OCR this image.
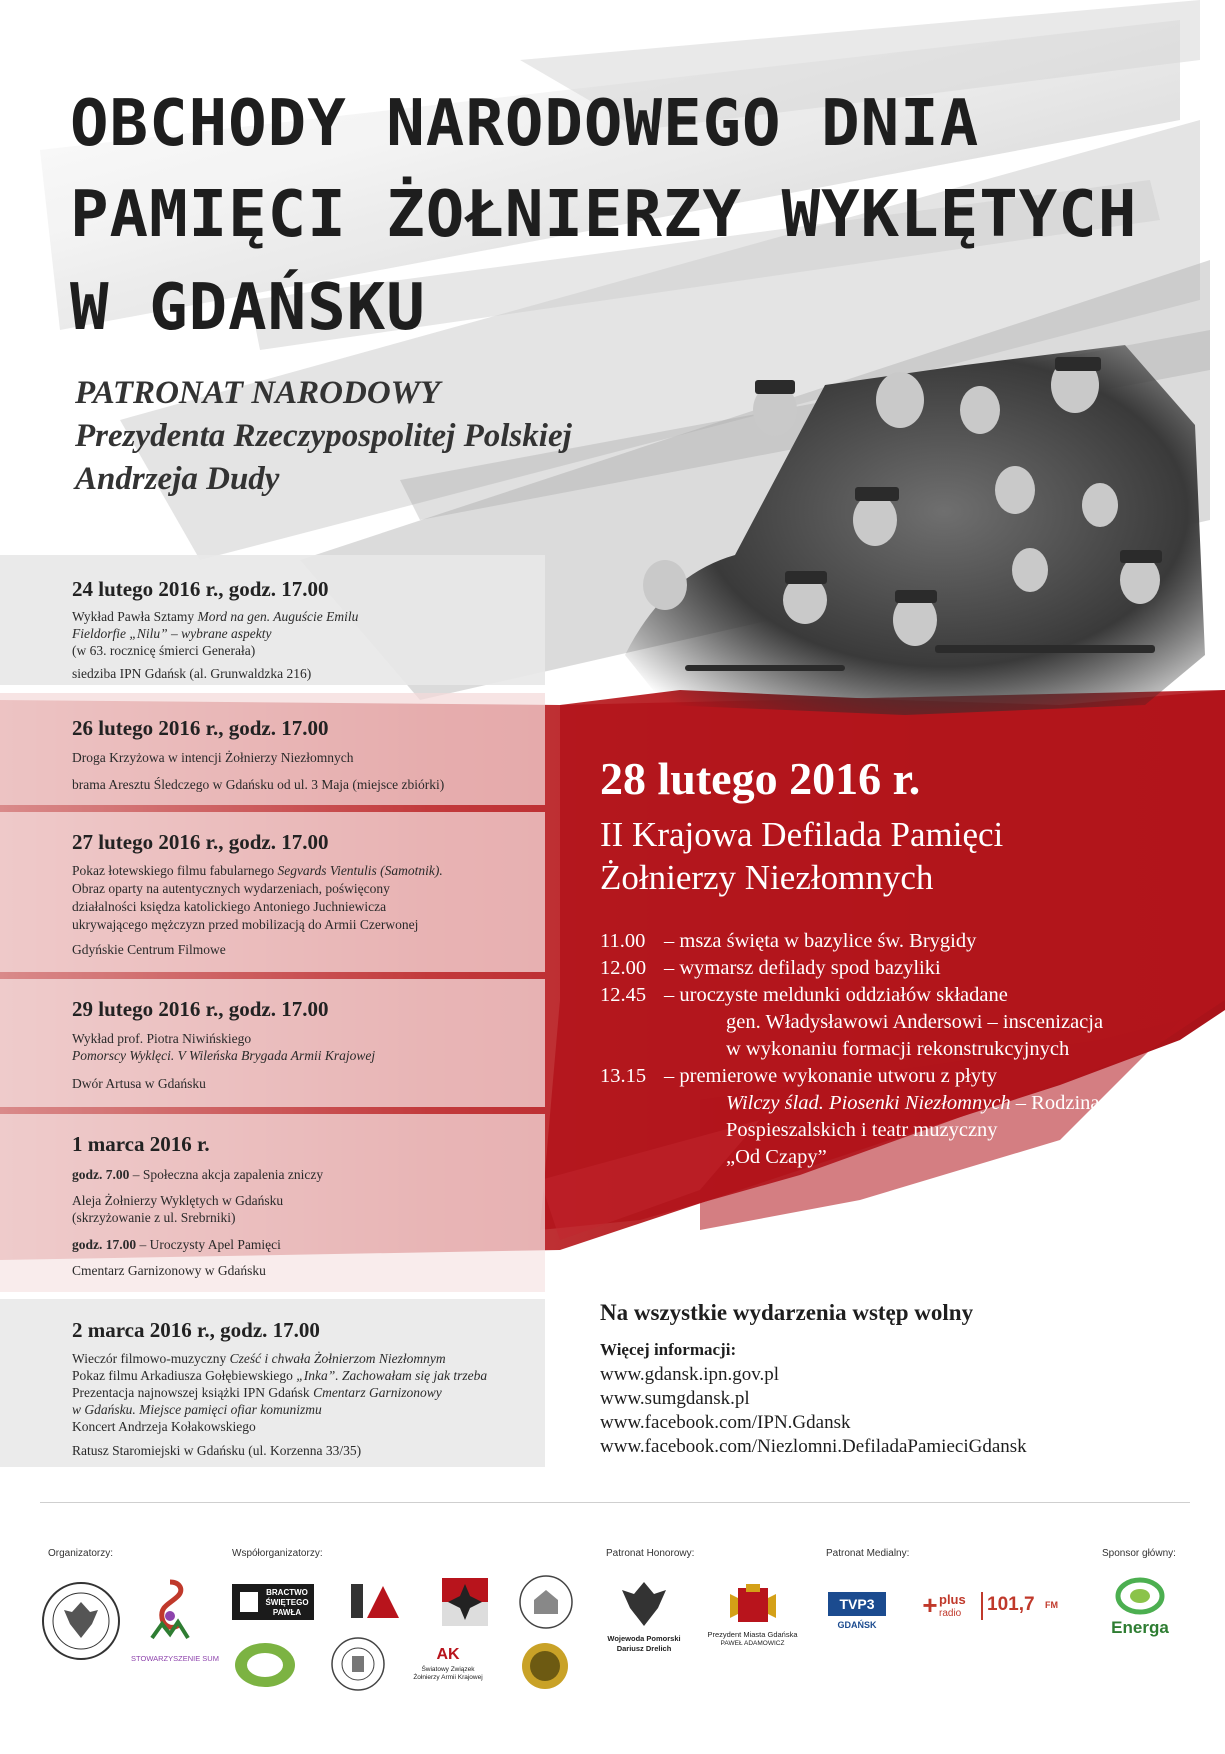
OBCHODY NARODOWEGO DNIA
PAMIĘCI ŻOŁNIERZY WYKLĘTYCH
W GDAŃSKU
PATRONAT NARODOWY
Prezydenta Rzeczypospolitej Polskiej
Andrzeja Dudy
24 lutego 2016 r., godz. 17.00
Wykład Pawła Sztamy Mord na gen. Auguście Emilu
Fieldorfie „Nilu” – wybrane aspekty
(w 63. rocznicę śmierci Generała)
siedziba IPN Gdańsk (al. Grunwaldzka 216)
26 lutego 2016 r., godz. 17.00
Droga Krzyżowa w intencji Żołnierzy Niezłomnych
brama Aresztu Śledczego w Gdańsku od ul. 3 Maja (miejsce zbiórki)
27 lutego 2016 r., godz. 17.00
Pokaz łotewskiego filmu fabularnego Segvards Vientulis (Samotnik).
Obraz oparty na autentycznych wydarzeniach, poświęcony
działalności księdza katolickiego Antoniego Juchniewicza
ukrywającego mężczyzn przed mobilizacją do Armii Czerwonej
Gdyńskie Centrum Filmowe
29 lutego 2016 r., godz. 17.00
Wykład prof. Piotra Niwińskiego
Pomorscy Wyklęci. V Wileńska Brygada Armii Krajowej
Dwór Artusa w Gdańsku
1 marca 2016 r.
godz. 7.00 – Społeczna akcja zapalenia zniczy
Aleja Żołnierzy Wyklętych w Gdańsku
(skrzyżowanie z ul. Srebrniki)
godz. 17.00 – Uroczysty Apel Pamięci
Cmentarz Garnizonowy w Gdańsku
2 marca 2016 r., godz. 17.00
Wieczór filmowo-muzyczny Cześć i chwała Żołnierzom Niezłomnym
Pokaz filmu Arkadiusza Gołębiewskiego „Inka”. Zachowałam się jak trzeba
Prezentacja najnowszej książki IPN Gdańsk Cmentarz Garnizonowy
w Gdańsku. Miejsce pamięci ofiar komunizmu
Koncert Andrzeja Kołakowskiego
Ratusz Staromiejski w Gdańsku (ul. Korzenna 33/35)
28 lutego 2016 r.
II Krajowa Defilada Pamięci
Żołnierzy Niezłomnych
11.00 – msza święta w bazylice św. Brygidy
12.00 – wymarsz defilady spod bazyliki
12.45 – uroczyste meldunki oddziałów składane
gen. Władysławowi Andersowi – inscenizacja
w wykonaniu formacji rekonstrukcyjnych
13.15 – premierowe wykonanie utworu z płyty
Wilczy ślad. Piosenki Niezłomnych – Rodzina
Pospieszalskich i teatr muzyczny
„Od Czapy”
Na wszystkie wydarzenia wstęp wolny
Więcej informacji:
www.gdansk.ipn.gov.pl
www.sumgdansk.pl
www.facebook.com/IPN.Gdansk
www.facebook.com/Niezlomni.DefiladaPamieciGdansk
Organizatorzy:	Współorganizatorzy:	Patronat Honorowy:	Patronat Medialny:	Sponsor główny:
STOWARZYSZENIE SUM
BRACTWO
ŚWIĘTEGO
PAWŁA
Wojewoda Pomorski
Dariusz Drelich
Prezydent Miasta Gdańska
PAWEŁ ADAMOWICZ
TVP3
GDAŃSK
+ plus
radio	101,7	FM
Energa
AK
Światowy Związek
Żołnierzy Armii Krajowej
